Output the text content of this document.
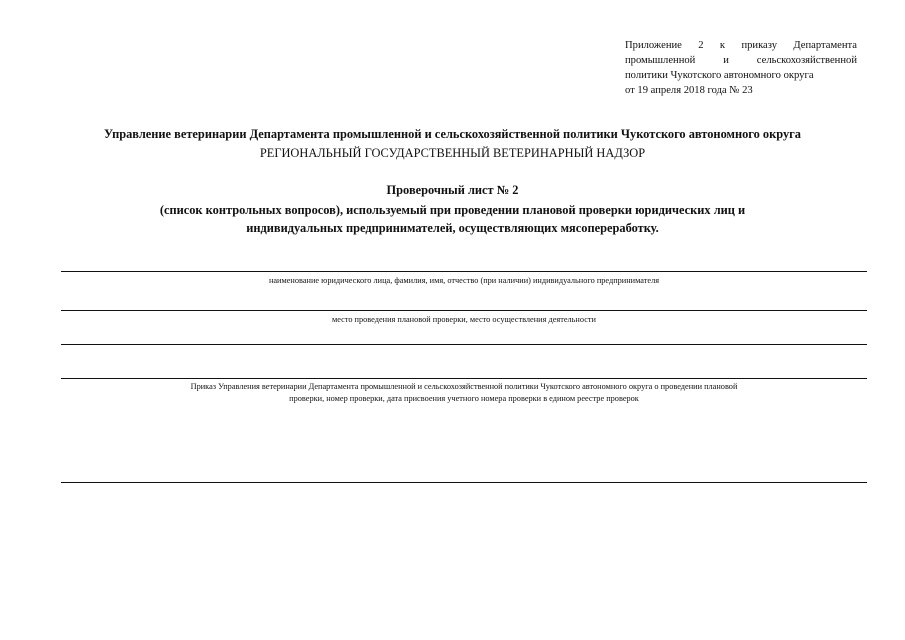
Приложение 2 к приказу Департамента
промышленной	и	сельскохозяйственной
политики Чукотского автономного округа
от 19 апреля 2018 года № 23
Управление ветеринарии Департамента промышленной и сельскохозяйственной политики Чукотского автономного округа
РЕГИОНАЛЬНЫЙ ГОСУДАРСТВЕННЫЙ ВЕТЕРИНАРНЫЙ НАДЗОР
Проверочный лист № 2
(список контрольных вопросов), используемый при проведении плановой проверки юридических лиц и
индивидуальных предпринимателей, осуществляющих мясопереработку.
наименование юридического лица, фамилия, имя, отчество (при наличии) индивидуального предпринимателя
место проведения плановой проверки, место осуществления деятельности
Приказ Управления ветеринарии Департамента промышленной и сельскохозяйственной политики Чукотского автономного округа о проведении плановой
проверки, номер проверки, дата присвоения учетного номера проверки в едином реестре проверок
